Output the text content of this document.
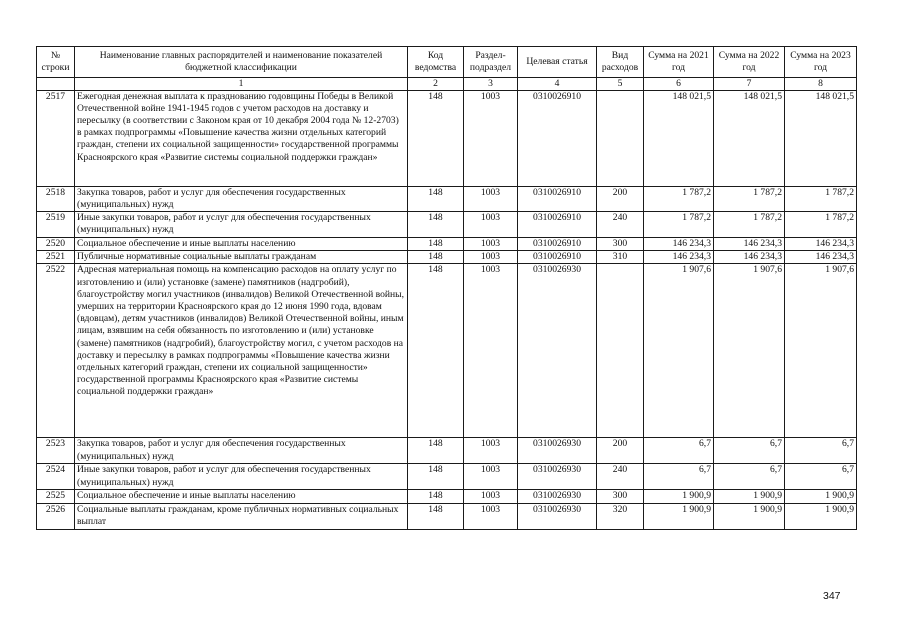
№ строки	Наименование главных распорядителей и наименование показателей бюджетной классификации	Код ведомства	Раздел-подраздел	Целевая статья	Вид расходов	Сумма на 2021 год	Сумма на 2022 год	Сумма на 2023 год
	1	2	3	4	5	6	7	8
2517	Ежегодная денежная выплата к празднованию годовщины Победы в Великой Отечественной войне 1941-1945 годов с учетом расходов на доставку и пересылку (в соответствии с Законом края от 10 декабря 2004 года № 12-2703) в рамках подпрограммы «Повышение качества жизни отдельных категорий граждан, степени их социальной защищенности» государственной программы Красноярского края «Развитие системы социальной поддержки граждан»	148	1003	0310026910		148 021,5	148 021,5	148 021,5
2518	Закупка товаров, работ и услуг для обеспечения государственных (муниципальных) нужд	148	1003	0310026910	200	1 787,2	1 787,2	1 787,2
2519	Иные закупки товаров, работ и услуг для обеспечения государственных (муниципальных) нужд	148	1003	0310026910	240	1 787,2	1 787,2	1 787,2
2520	Социальное обеспечение и иные выплаты населению	148	1003	0310026910	300	146 234,3	146 234,3	146 234,3
2521	Публичные нормативные социальные выплаты гражданам	148	1003	0310026910	310	146 234,3	146 234,3	146 234,3
2522	Адресная материальная помощь на компенсацию расходов на оплату услуг по изготовлению и (или) установке (замене) памятников (надгробий), благоустройству могил участников (инвалидов) Великой Отечественной войны, умерших на территории Красноярского края до 12 июня 1990 года, вдовам (вдовцам), детям участников (инвалидов) Великой Отечественной войны, иным лицам, взявшим на себя обязанность по изготовлению и (или) установке (замене) памятников (надгробий), благоустройству могил, с учетом расходов на доставку и пересылку в рамках подпрограммы «Повышение качества жизни отдельных категорий граждан, степени их социальной защищенности» государственной программы Красноярского края «Развитие системы социальной поддержки граждан»	148	1003	0310026930		1 907,6	1 907,6	1 907,6
2523	Закупка товаров, работ и услуг для обеспечения государственных (муниципальных) нужд	148	1003	0310026930	200	6,7	6,7	6,7
2524	Иные закупки товаров, работ и услуг для обеспечения государственных (муниципальных) нужд	148	1003	0310026930	240	6,7	6,7	6,7
2525	Социальное обеспечение и иные выплаты населению	148	1003	0310026930	300	1 900,9	1 900,9	1 900,9
2526	Социальные выплаты гражданам, кроме публичных нормативных социальных выплат	148	1003	0310026930	320	1 900,9	1 900,9	1 900,9
347
